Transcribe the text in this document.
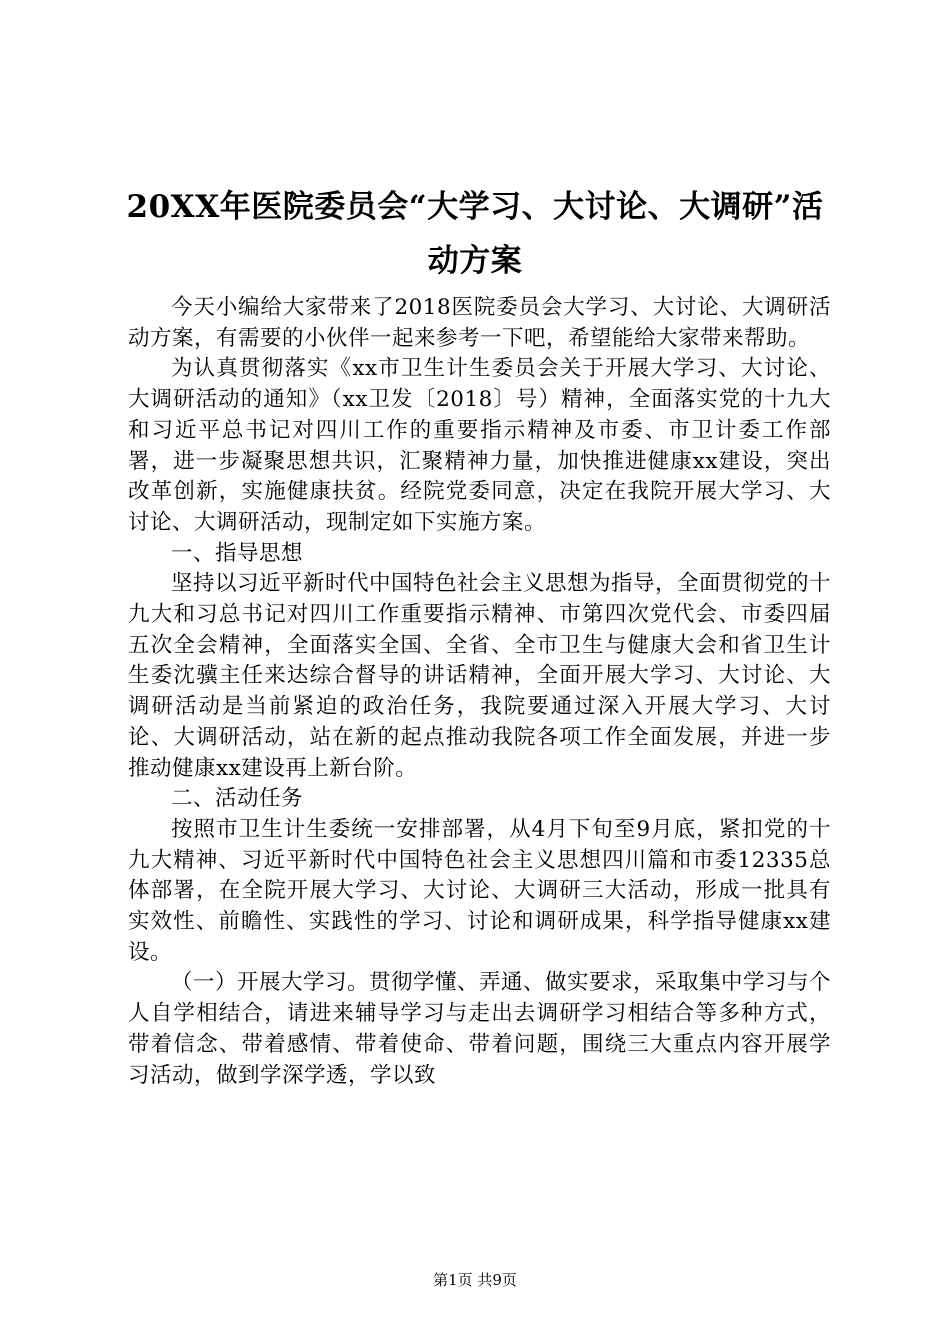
20XX年医院委员会“大学习、大讨论、大调研”活动方案

今天小编给大家带来了2018医院委员会大学习、大讨论、大调研活动方案，有需要的小伙伴一起来参考一下吧，希望能给大家带来帮助。

为认真贯彻落实《xx市卫生计生委员会关于开展大学习、大讨论、大调研活动的通知》（xx卫发〔2018〕号）精神，全面落实党的十九大和习近平总书记对四川工作的重要指示精神及市委、市卫计委工作部署，进一步凝聚思想共识，汇聚精神力量，加快推进健康xx建设，突出改革创新，实施健康扶贫。经院党委同意，决定在我院开展大学习、大讨论、大调研活动，现制定如下实施方案。

一、指导思想

坚持以习近平新时代中国特色社会主义思想为指导，全面贯彻党的十九大和习总书记对四川工作重要指示精神、市第四次党代会、市委四届五次全会精神，全面落实全国、全省、全市卫生与健康大会和省卫生计生委沈骥主任来达综合督导的讲话精神，全面开展大学习、大讨论、大调研活动是当前紧迫的政治任务，我院要通过深入开展大学习、大讨论、大调研活动，站在新的起点推动我院各项工作全面发展，并进一步推动健康xx建设再上新台阶。

二、活动任务

按照市卫生计生委统一安排部署，从4月下旬至9月底，紧扣党的十九大精神、习近平新时代中国特色社会主义思想四川篇和市委12335总体部署，在全院开展大学习、大讨论、大调研三大活动，形成一批具有实效性、前瞻性、实践性的学习、讨论和调研成果，科学指导健康xx建设。

（一）开展大学习。贯彻学懂、弄通、做实要求，采取集中学习与个人自学相结合，请进来辅导学习与走出去调研学习相结合等多种方式，带着信念、带着感情、带着使命、带着问题，围绕三大重点内容开展学习活动，做到学深学透，学以致

第1页 共9页
